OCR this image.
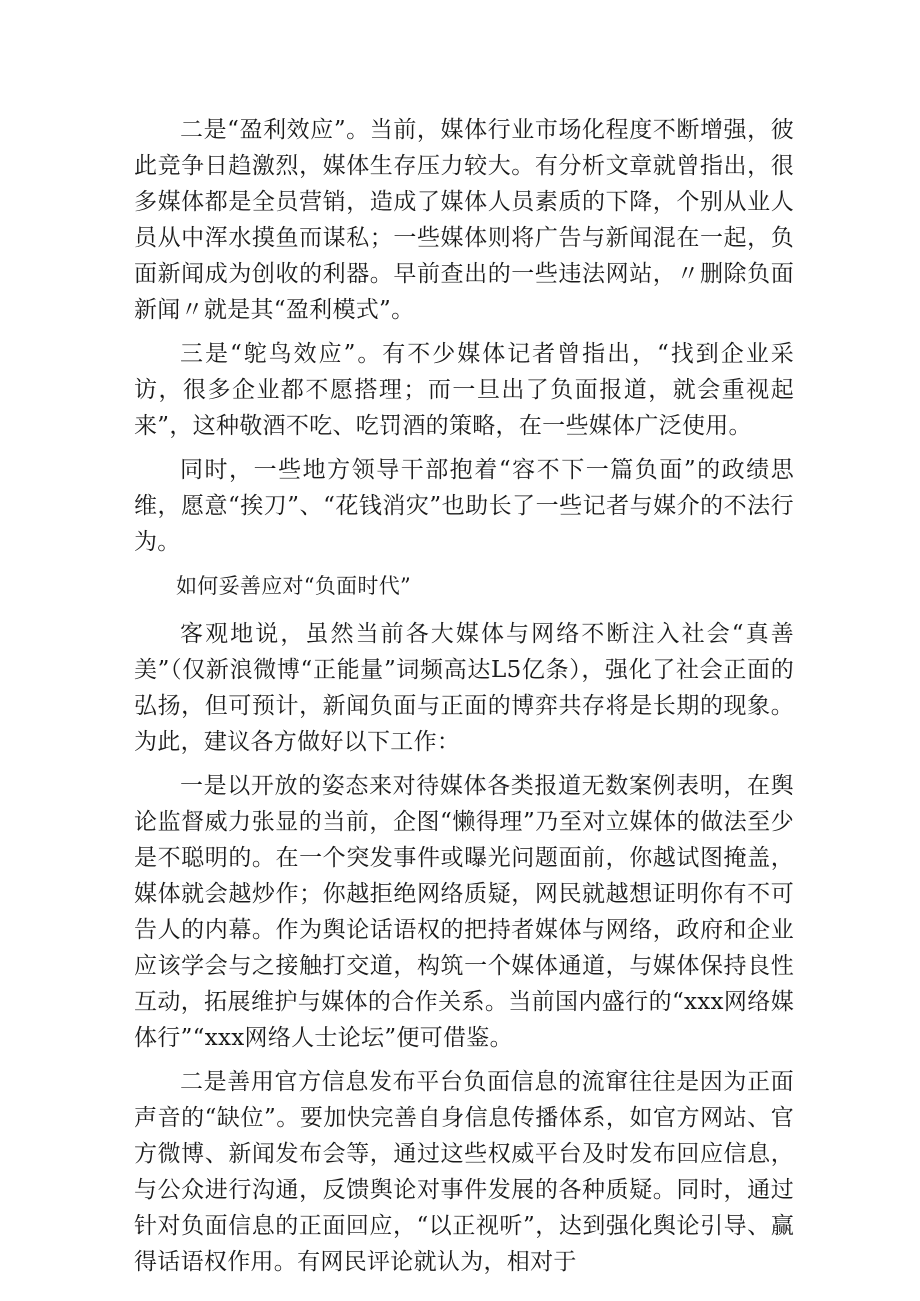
二是“盈利效应”。当前，媒体行业市场化程度不断增强，彼此竞争日趋激烈，媒体生存压力较大。有分析文章就曾指出，很多媒体都是全员营销，造成了媒体人员素质的下降，个别从业人员从中浑水摸鱼而谋私；一些媒体则将广告与新闻混在一起，负面新闻成为创收的利器。早前查出的一些违法网站，〃删除负面新闻〃就是其“盈利模式”。

三是“鸵鸟效应”。有不少媒体记者曾指出，“找到企业采访，很多企业都不愿搭理；而一旦出了负面报道，就会重视起来”，这种敬酒不吃、吃罚酒的策略，在一些媒体广泛使用。

同时，一些地方领导干部抱着“容不下一篇负面”的政绩思维，愿意“挨刀”、“花钱消灾”也助长了一些记者与媒介的不法行为。

如何妥善应对“负面时代”

客观地说，虽然当前各大媒体与网络不断注入社会“真善美”（仅新浪微博“正能量”词频高达L5亿条），强化了社会正面的弘扬，但可预计，新闻负面与正面的博弈共存将是长期的现象。为此，建议各方做好以下工作：

一是以开放的姿态来对待媒体各类报道无数案例表明，在舆论监督威力张显的当前，企图“懒得理”乃至对立媒体的做法至少是不聪明的。在一个突发事件或曝光问题面前，你越试图掩盖，媒体就会越炒作；你越拒绝网络质疑，网民就越想证明你有不可告人的内幕。作为舆论话语权的把持者媒体与网络，政府和企业应该学会与之接触打交道，构筑一个媒体通道，与媒体保持良性互动，拓展维护与媒体的合作关系。当前国内盛行的“xxx网络媒体行”“xxx网络人士论坛”便可借鉴。

二是善用官方信息发布平台负面信息的流窜往往是因为正面声音的“缺位”。要加快完善自身信息传播体系，如官方网站、官方微博、新闻发布会等，通过这些权威平台及时发布回应信息，与公众进行沟通，反馈舆论对事件发展的各种质疑。同时，通过针对负面信息的正面回应，“以正视听”，达到强化舆论引导、赢得话语权作用。有网民评论就认为，相对于
